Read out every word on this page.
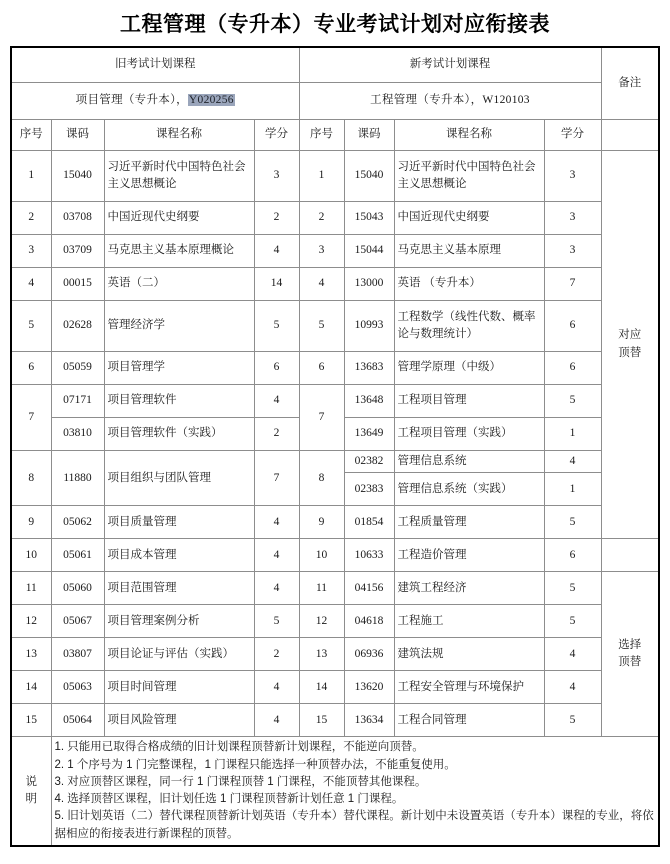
工程管理（专升本）专业考试计划对应衔接表
旧考试计划课程				新考试计划课程				备注
项目管理（专升本），Y020256				工程管理（专升本），W120103				
序号	课码	课程名称	学分	序号	课码	课程名称	学分	
1	15040	习近平新时代中国特色社会主义思想概论	3	1	15040	习近平新时代中国特色社会主义思想概论	3	对应
顶替

2	03708	中国近现代史纲要	2	2	15043	中国近现代史纲要	3	
3	03709	马克思主义基本原理概论	4	3	15044	马克思主义基本原理	3	
4	00015	英语（二）	14	4	13000	英语 （专升本）	7	
5	02628	管理经济学	5	5	10993	工程数学（线性代数、概率论与数理统计）	6	
6	05059	项目管理学	6	6	13683	管理学原理（中级）	6	
7	07171	项目管理软件	4	7	13648	工程项目管理	5	
	03810	项目管理软件（实践）	2		13649	工程项目管理（实践）	1	
8	11880	项目组织与团队管理	7	8	02382	管理信息系统	4	
					02383	管理信息系统（实践）	1	
9	05062	项目质量管理	4	9	01854	工程质量管理	5	
10	05061	项目成本管理	4	10	10633	工程造价管理	6	
11	05060	项目范围管理	4	11	04156	建筑工程经济	5	选择
顶替

12	05067	项目管理案例分析	5	12	04618	工程施工	5	
13	03807	项目论证与评估（实践）	2	13	06936	建筑法规	4	
14	05063	项目时间管理	4	14	13620	工程安全管理与环境保护	4	
15	05064	项目风险管理	4	15	13634	工程合同管理	5	

说
明

1. 只能用已取得合格成绩的旧计划课程顶替新计划课程，不能逆向顶替。

2. 1 个序号为 1 门完整课程，1 门课程只能选择一种顶替办法，不能重复使用。

3. 对应顶替区课程，同一行 1 门课程顶替 1 门课程，不能顶替其他课程。

4. 选择顶替区课程，旧计划任选 1 门课程顶替新计划任意 1 门课程。

5. 旧计划英语（二）替代课程顶替新计划英语（专升本）替代课程。新计划中未设置英语（专升本）课程的专业，将依据相应的衔接表进行新课程的顶替。
